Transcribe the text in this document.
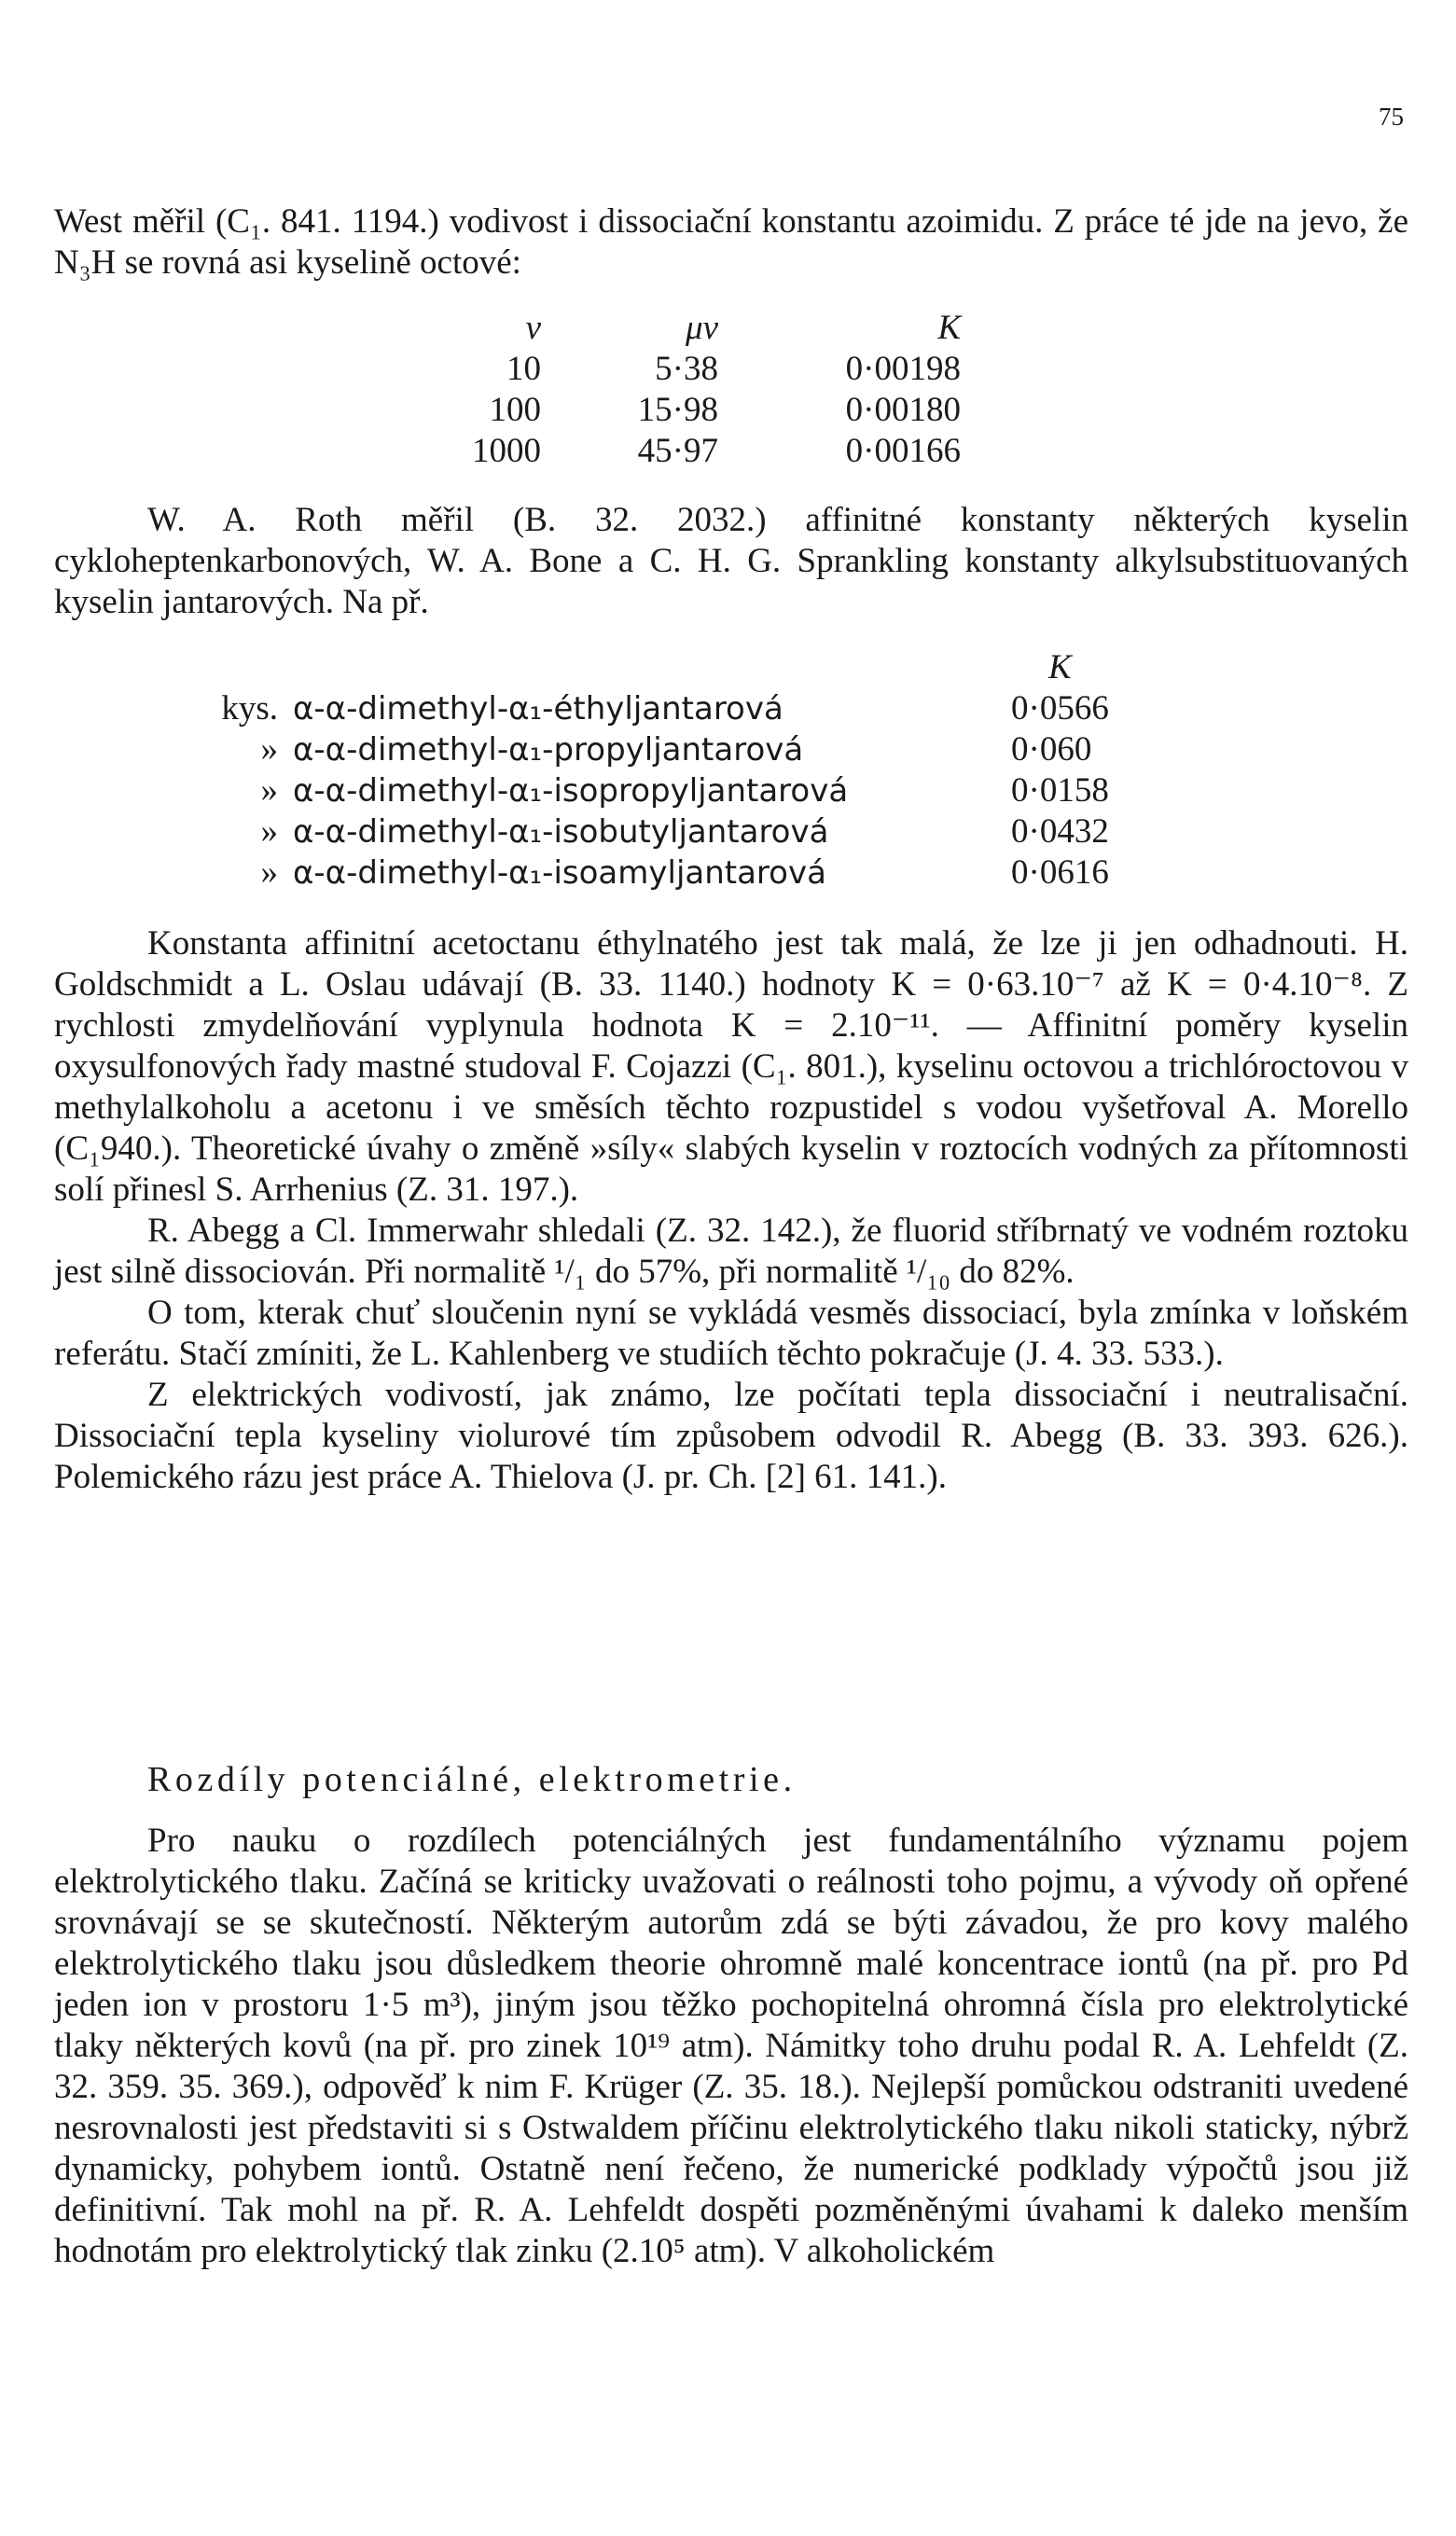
75

West měřil (C₁. 841. 1194.) vodivost i dissociační konstantu azoimidu. Z práce té jde na jevo, že N₃H se rovná asi kyselině octové:

v	μv	K
10	5·38	0·00198
100	15·98	0·00180
1000	45·97	0·00166

W. A. Roth měřil (B. 32. 2032.) affinitné konstanty některých kyselin cykloheptenkarbonových, W. A. Bone a C. H. G. Sprankling konstanty alkylsubstituovaných kyselin jantarových. Na př.

		K
kys.	α-α-dimethyl-α₁-éthyljantarová	0·0566
»	α-α-dimethyl-α₁-propyljantarová	0·060
»	α-α-dimethyl-α₁-isopropyljantarová	0·0158
»	α-α-dimethyl-α₁-isobutyljantarová	0·0432
»	α-α-dimethyl-α₁-isoamyljantarová	0·0616

Konstanta affinitní acetoctanu éthylnatého jest tak malá, že lze ji jen odhadnouti. H. Goldschmidt a L. Oslau udávají (B. 33. 1140.) hodnoty K = 0·63.10⁻⁷ až K = 0·4.10⁻⁸. Z rychlosti zmydelňování vyplynula hodnota K = 2.10⁻¹¹. — Affinitní poměry kyselin oxysulfonových řady mastné studoval F. Cojazzi (C₁. 801.), kyselinu octovou a trichlóroctovou v methylalkoholu a acetonu i ve směsích těchto rozpustidel s vodou vyšetřoval A. Morello (C₁940.). Theoretické úvahy o změně »síly« slabých kyselin v roztocích vodných za přítomnosti solí přinesl S. Arrhenius (Z. 31. 197.).

R. Abegg a Cl. Immerwahr shledali (Z. 32. 142.), že fluorid stříbrnatý ve vodném roztoku jest silně dissociován. Při normalitě ¹/₁ do 57%, při normalitě ¹/₁₀ do 82%.

O tom, kterak chuť sloučenin nyní se vykládá vesměs dissociací, byla zmínka v loňském referátu. Stačí zmíniti, že L. Kahlenberg ve studiích těchto pokračuje (J. 4. 33. 533.).

Z elektrických vodivostí, jak známo, lze počítati tepla dissociační i neutralisační. Dissociační tepla kyseliny violurové tím způsobem odvodil R. Abegg (B. 33. 393. 626.). Polemického rázu jest práce A. Thielova (J. pr. Ch. [2] 61. 141.).

Rozdíly potenciálné, elektrometrie.

Pro nauku o rozdílech potenciálných jest fundamentálního významu pojem elektrolytického tlaku. Začíná se kriticky uvažovati o reálnosti toho pojmu, a vývody oň opřené srovnávají se se skutečností. Některým autorům zdá se býti závadou, že pro kovy malého elektrolytického tlaku jsou důsledkem theorie ohromně malé koncentrace iontů (na př. pro Pd jeden ion v prostoru 1·5 m³), jiným jsou těžko pochopitelná ohromná čísla pro elektrolytické tlaky některých kovů (na př. pro zinek 10¹⁹ atm). Námitky toho druhu podal R. A. Lehfeldt (Z. 32. 359. 35. 369.), odpověď k nim F. Krüger (Z. 35. 18.). Nejlepší pomůckou odstraniti uvedené nesrovnalosti jest představiti si s Ostwaldem příčinu elektrolytického tlaku nikoli staticky, nýbrž dynamicky, pohybem iontů. Ostatně není řečeno, že numerické podklady výpočtů jsou již definitivní. Tak mohl na př. R. A. Lehfeldt dospěti pozměněnými úvahami k daleko menším hodnotám pro elektrolytický tlak zinku (2.10⁵ atm). V alkoholickém
